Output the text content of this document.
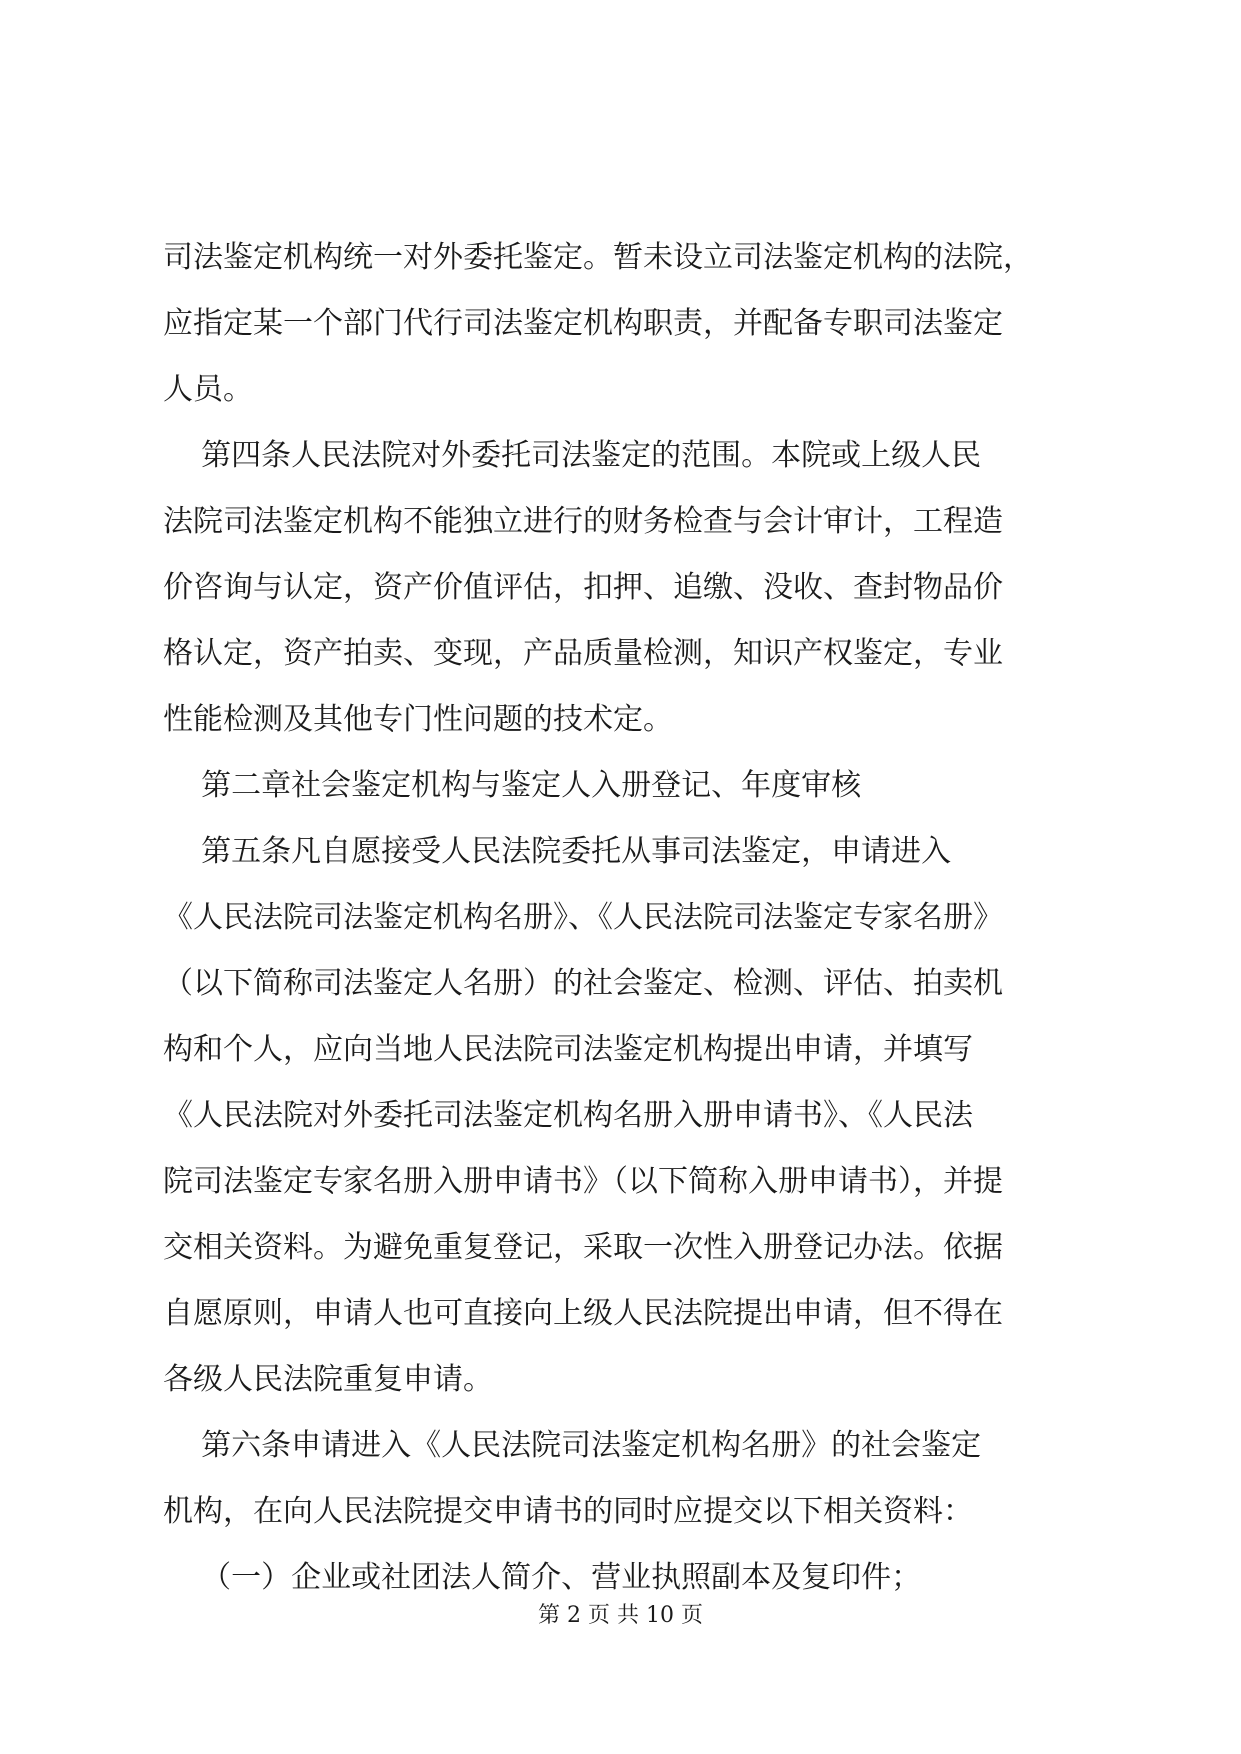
司法鉴定机构统一对外委托鉴定。暂未设立司法鉴定机构的法院，
应指定某一个部门代行司法鉴定机构职责，并配备专职司法鉴定
人员。
第四条人民法院对外委托司法鉴定的范围。本院或上级人民
法院司法鉴定机构不能独立进行的财务检查与会计审计，工程造
价咨询与认定，资产价值评估，扣押、追缴、没收、查封物品价
格认定，资产拍卖、变现，产品质量检测，知识产权鉴定，专业
性能检测及其他专门性问题的技术定。
第二章社会鉴定机构与鉴定人入册登记、年度审核
第五条凡自愿接受人民法院委托从事司法鉴定，申请进入
《人民法院司法鉴定机构名册》、《人民法院司法鉴定专家名册》
（以下简称司法鉴定人名册）的社会鉴定、检测、评估、拍卖机
构和个人，应向当地人民法院司法鉴定机构提出申请，并填写
《人民法院对外委托司法鉴定机构名册入册申请书》、《人民法
院司法鉴定专家名册入册申请书》（以下简称入册申请书），并提
交相关资料。为避免重复登记，采取一次性入册登记办法。依据
自愿原则，申请人也可直接向上级人民法院提出申请，但不得在
各级人民法院重复申请。
第六条申请进入《人民法院司法鉴定机构名册》的社会鉴定
机构，在向人民法院提交申请书的同时应提交以下相关资料：
（一）企业或社团法人简介、营业执照副本及复印件；
第 2 页 共 10 页
